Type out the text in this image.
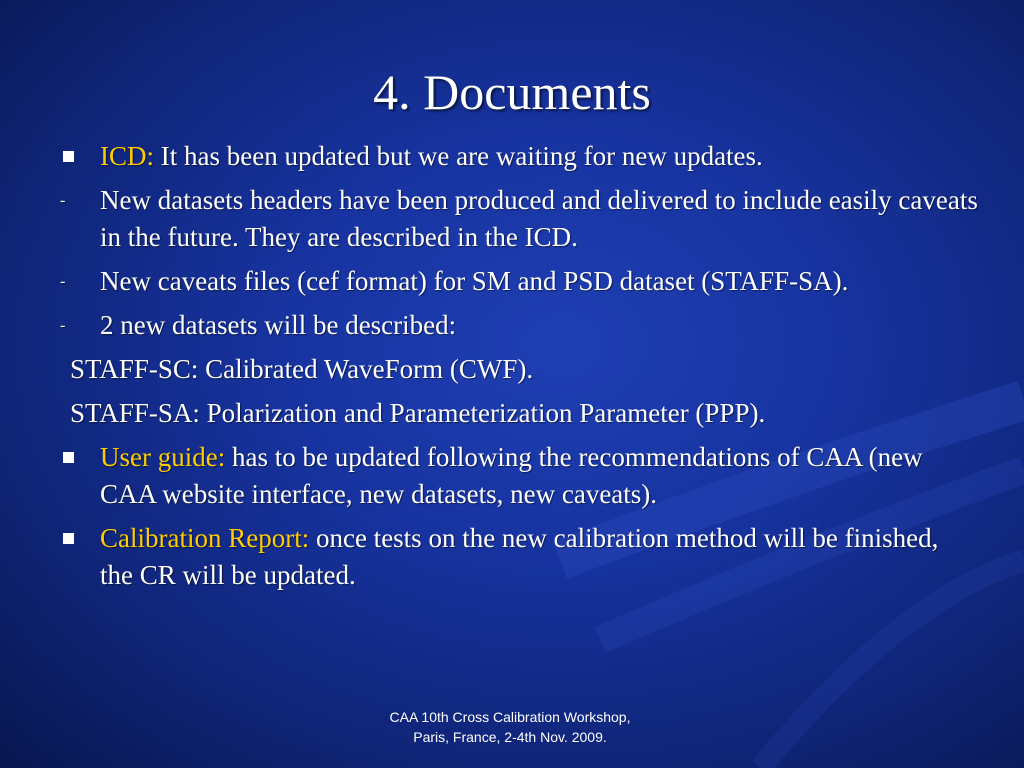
4. Documents

ICD: It has been updated but we are waiting for new updates.

- New datasets headers have been produced and delivered to include easily caveats in the future. They are described in the ICD.

- New caveats files (cef format) for SM and PSD dataset (STAFF-SA).

- 2 new datasets will be described:

STAFF-SC: Calibrated WaveForm (CWF).

STAFF-SA: Polarization and Parameterization Parameter (PPP).

User guide: has to be updated following the recommendations of CAA (new CAA website interface, new datasets, new caveats).

Calibration Report: once tests on the new calibration method will be finished, the CR will be updated.

CAA 10th Cross Calibration Workshop,
Paris, France, 2-4th Nov. 2009.
